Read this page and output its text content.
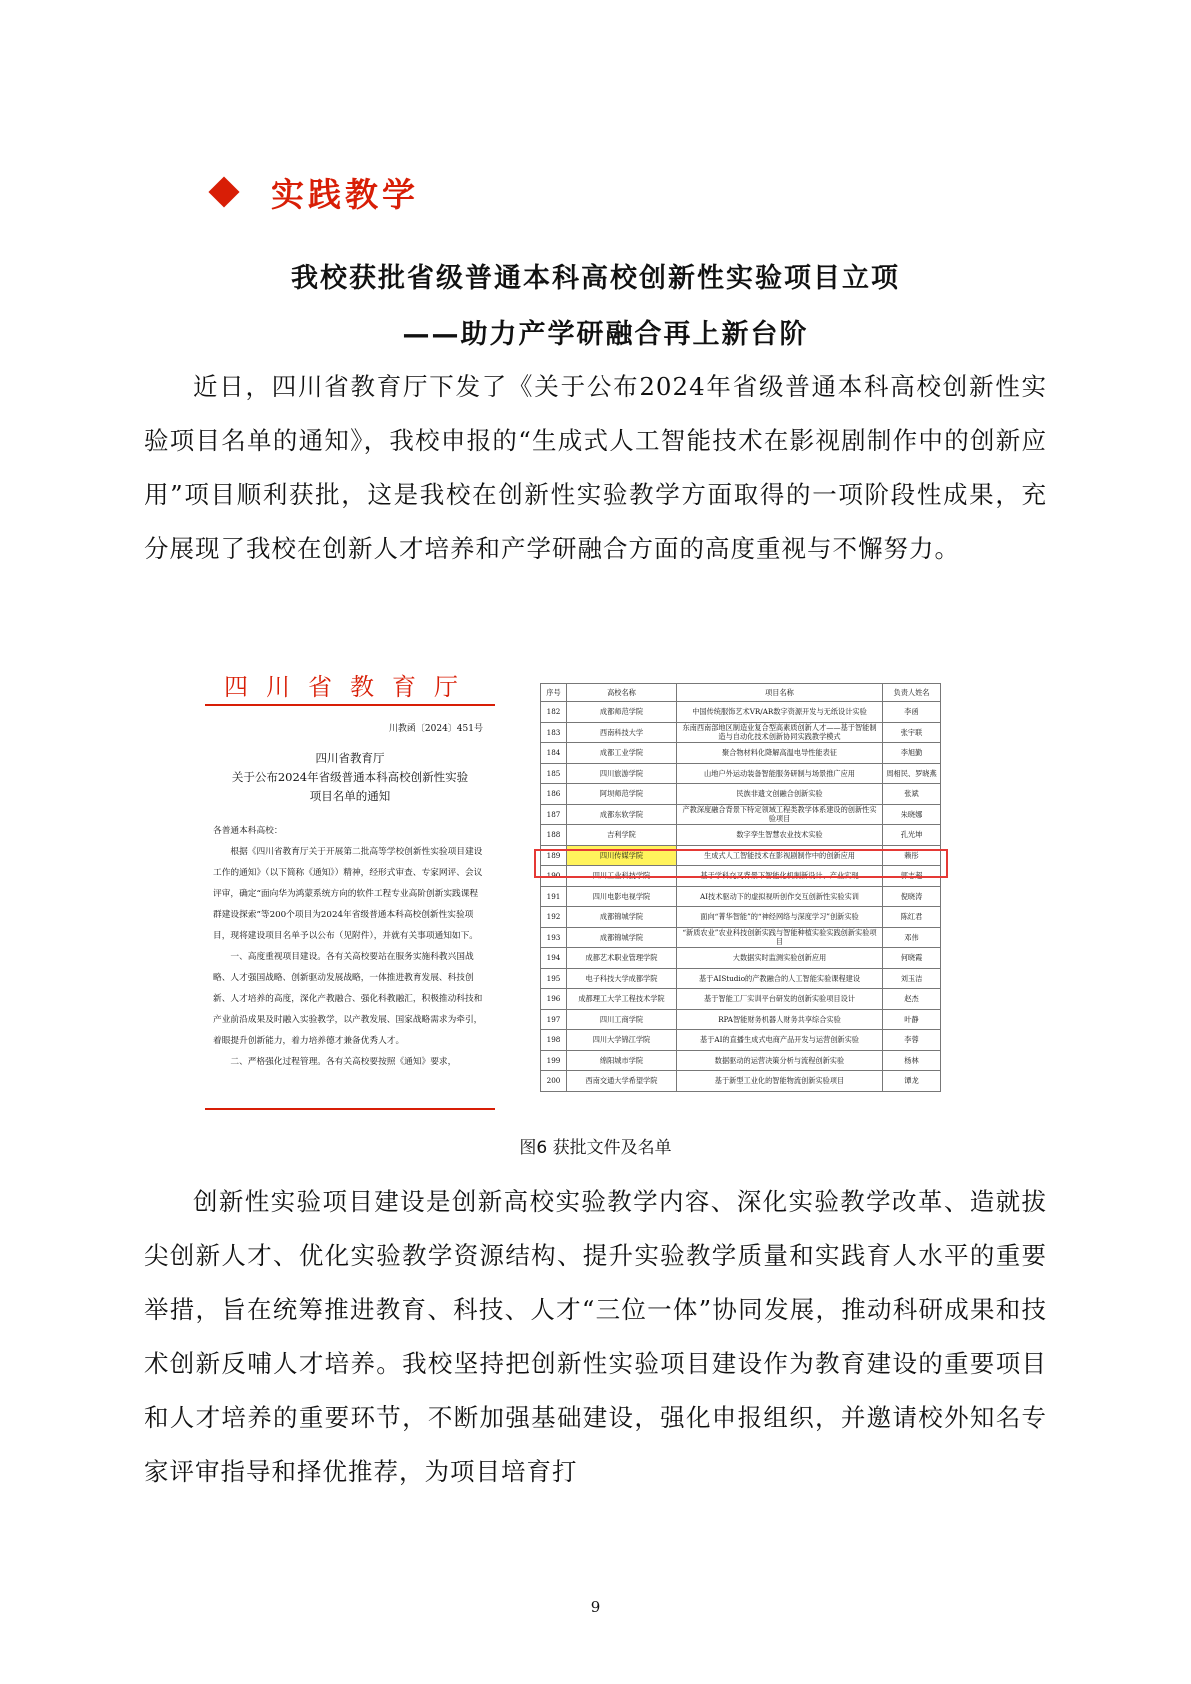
实践教学
我校获批省级普通本科高校创新性实验项目立项
——助力产学研融合再上新台阶
近日，四川省教育厅下发了《关于公布2024年省级普通本科高校创新性实验项目名单的通知》，我校申报的“生成式人工智能技术在影视剧制作中的创新应用”项目顺利获批，这是我校在创新性实验教学方面取得的一项阶段性成果，充分展现了我校在创新人才培养和产学研融合方面的高度重视与不懈努力。
四川省教育厅
川教函〔2024〕451号
四川省教育厅
关于公布2024年省级普通本科高校创新性实验
项目名单的通知

各普通本科高校：

根据《四川省教育厅关于开展第二批高等学校创新性实验项目建设工作的通知》（以下简称《通知》）精神，经形式审查、专家网评、会议评审，确定“面向华为鸿蒙系统方向的软件工程专业高阶创新实践课程群建设探索”等200个项目为2024年省级普通本科高校创新性实验项目，现将建设项目名单予以公布（见附件），并就有关事项通知如下。

一、高度重视项目建设。各有关高校要站在服务实施科教兴国战略、人才强国战略、创新驱动发展战略，一体推进教育发展、科技创新、人才培养的高度，深化产教融合、强化科教融汇，积极推动科技和产业前沿成果及时融入实验教学，以产教发展、国家战略需求为牵引，着眼提升创新能力，着力培养德才兼备优秀人才。

二、严格强化过程管理。各有关高校要按照《通知》要求，

序号	高校名称	项目名称	负责人姓名
182	成都师范学院	中国传统服饰艺术VR/AR数字资源开发与无纸设计实验	李函
183	西南科技大学	东南西南部地区制造业复合型高素质创新人才——基于智能制造与自动化技术创新协同实践教学模式	张宇联
184	成都工业学院	聚合物材料化降解高温电导性能表征	李旭勤
185	四川旅游学院	山地户外运动装备智能服务研制与场景推广应用	周相民、罗晓燕
186	阿坝师范学院	民族非遗文创融合创新实验	张斌
187	成都东软学院	产教深度融合背景下特定领域工程类教学体系建设的创新性实验项目	朱晓娜
188	吉利学院	数字孪生智慧农业技术实验	孔光坤
189	四川传媒学院	生成式人工智能技术在影视剧制作中的创新应用	赖彤
190	四川工业科技学院	基于学科交叉背景下智能化机制新设计、产业实现	郭志超
191	四川电影电视学院	AI技术驱动下的虚拟视听创作交互创新性实验实训	倪晓涛
192	成都锦城学院	面向“菁华智能”的“神经网络与深度学习”创新实验	陈红君
193	成都锦城学院	“新质农业”农业科技创新实践与智能种植实验实践创新实验项目	邓伟
194	成都艺术职业管理学院	大数据实时监测实验创新应用	何晓霞
195	电子科技大学成都学院	基于AIStudio的产教融合的人工智能实验课程建设	刘玉洁
196	成都理工大学工程技术学院	基于智能工厂实训平台研发的创新实验项目设计	赵杰
197	四川工商学院	RPA智能财务机器人财务共享综合实验	叶静
198	四川大学锦江学院	基于AI的直播生成式电商产品开发与运营创新实验	李蓉
199	绵阳城市学院	数据驱动的运营决策分析与流程创新实验	杨林
200	西南交通大学希望学院	基于新型工业化的智能物流创新实验项目	谭龙
图6 获批文件及名单
创新性实验项目建设是创新高校实验教学内容、深化实验教学改革、造就拔尖创新人才、优化实验教学资源结构、提升实验教学质量和实践育人水平的重要举措，旨在统筹推进教育、科技、人才“三位一体”协同发展，推动科研成果和技术创新反哺人才培养。我校坚持把创新性实验项目建设作为教育建设的重要项目和人才培养的重要环节，不断加强基础建设，强化申报组织，并邀请校外知名专家评审指导和择优推荐，为项目培育打
9
